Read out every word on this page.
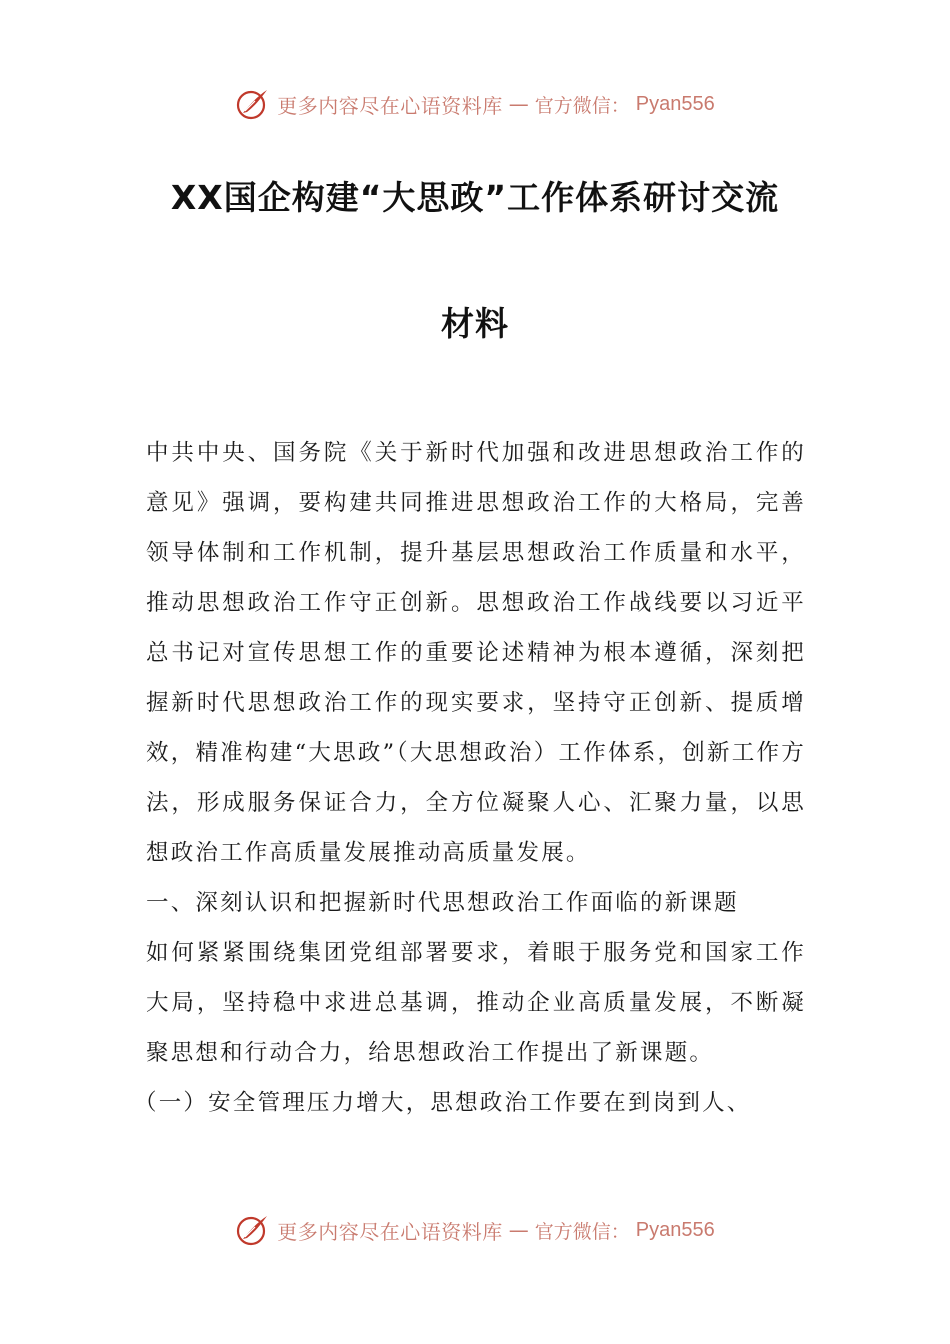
更多内容尽在心语资料库 — 官方微信： Pyan556
XX国企构建“大思政”工作体系研讨交流
材料

中共中央、国务院《关于新时代加强和改进思想政治工作的意见》强调，要构建共同推进思想政治工作的大格局，完善领导体制和工作机制，提升基层思想政治工作质量和水平，推动思想政治工作守正创新。思想政治工作战线要以习近平总书记对宣传思想工作的重要论述精神为根本遵循，深刻把握新时代思想政治工作的现实要求，坚持守正创新、提质增效，精准构建“大思政”（大思想政治）工作体系，创新工作方法，形成服务保证合力，全方位凝聚人心、汇聚力量，以思想政治工作高质量发展推动高质量发展。

一、深刻认识和把握新时代思想政治工作面临的新课题

如何紧紧围绕集团党组部署要求，着眼于服务党和国家工作大局，坚持稳中求进总基调，推动企业高质量发展，不断凝聚思想和行动合力，给思想政治工作提出了新课题。

（一）安全管理压力增大，思想政治工作要在到岗到人、

更多内容尽在心语资料库 — 官方微信： Pyan556
